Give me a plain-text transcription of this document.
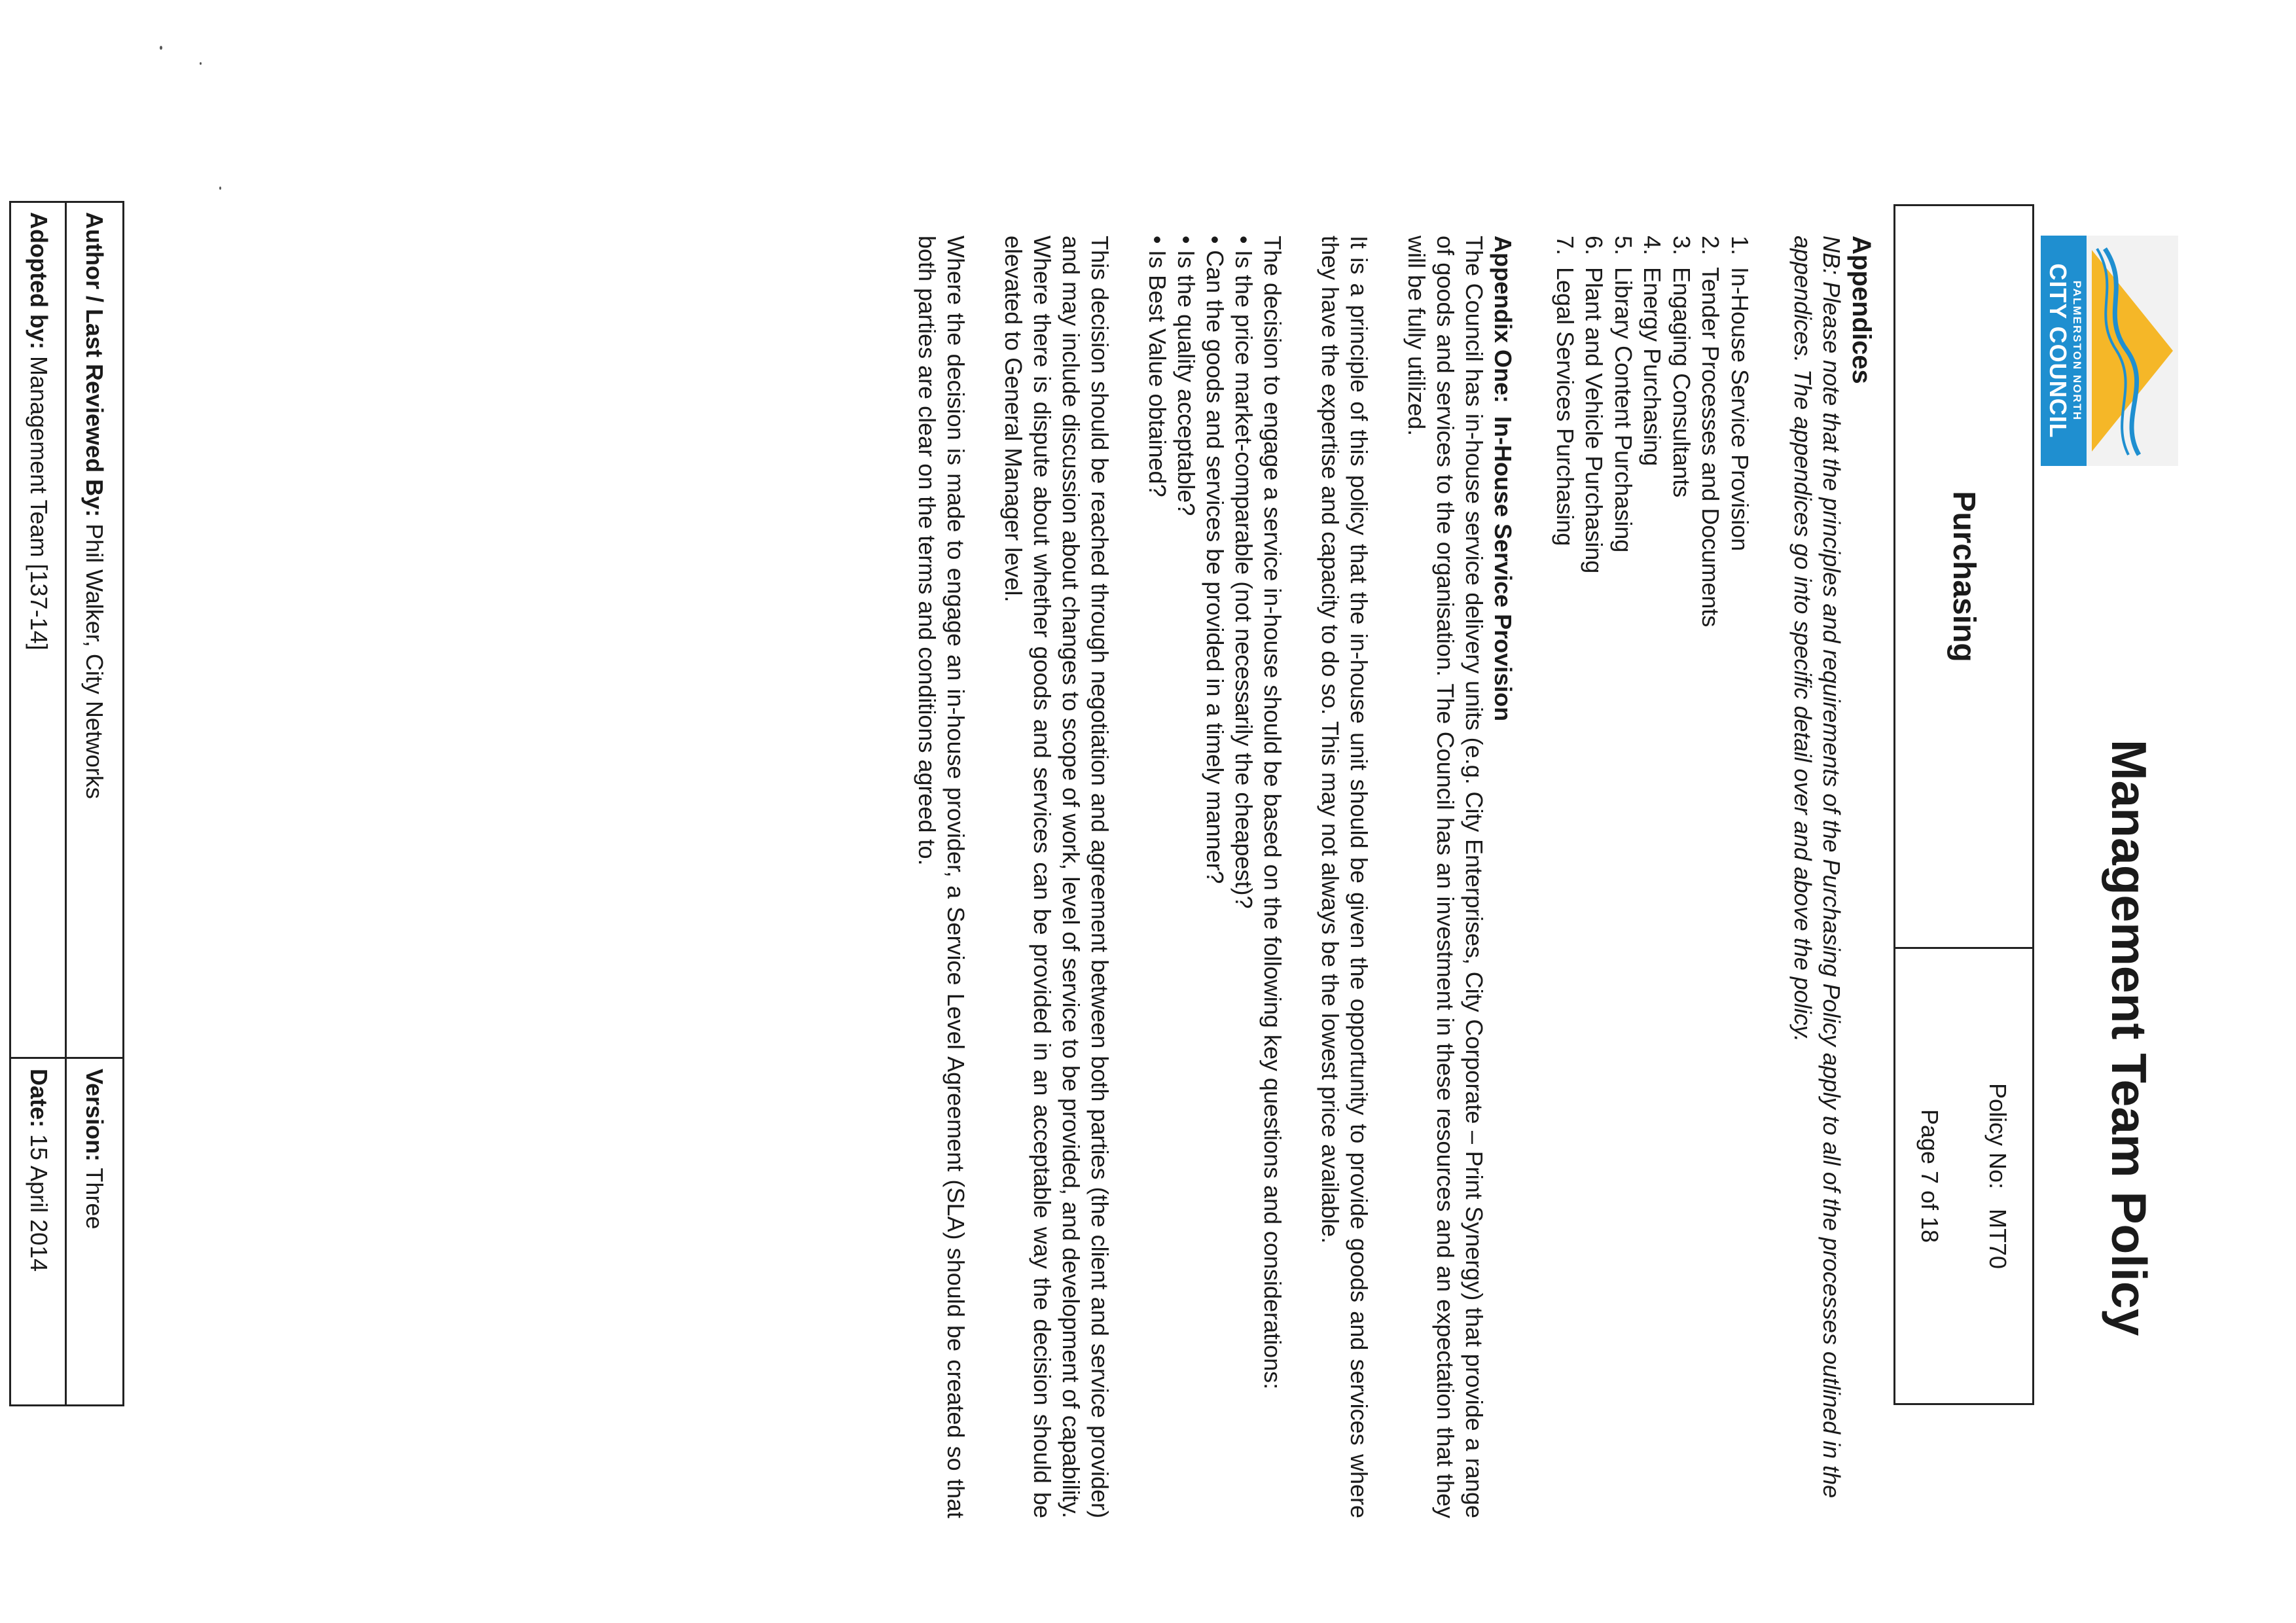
PALMERSTON NORTH
CITY COUNCIL
Management Team Policy
Purchasing
Policy No:   MT70
Page 7 of 18
Appendices

NB: Please note that the principles and requirements of the Purchasing Policy apply to all of the processes outlined in the appendices. The appendices go into specific detail over and above the policy.

1.
In-House Service Provision
2.
Tender Processes and Documents
3.
Engaging Consultants
4.
Energy Purchasing
5.
Library Content Purchasing
6.
Plant and Vehicle Purchasing
7.
Legal Services Purchasing
Appendix One:  In-House Service Provision

The Council has in-house service delivery units (e.g. City Enterprises, City Corporate – Print Synergy) that provide a range of goods and services to the organisation. The Council has an investment in these resources and an expectation that they will be fully utilized.

It is a principle of this policy that the in-house unit should be given the opportunity to provide goods and services where they have the expertise and capacity to do so. This may not always be the lowest price available.

The decision to engage a service in-house should be based on the following key questions and considerations:

•
Is the price market-comparable (not necessarily the cheapest)?
•
Can the goods and services be provided in a timely manner?
•
Is the quality acceptable?
•
Is Best Value obtained?

This decision should be reached through negotiation and agreement between both parties (the client and service provider) and may include discussion about changes to scope of work, level of service to be provided, and development of capability. Where there is dispute about whether goods and services can be provided in an acceptable way the decision should be elevated to General Manager level.

Where the decision is made to engage an in-house provider, a Service Level Agreement (SLA) should be created so that both parties are clear on the terms and conditions agreed to.

Author / Last Reviewed By: Phil Walker, City Networks
Version: Three
Adopted by: Management Team [137-14]
Date: 15 April 2014
